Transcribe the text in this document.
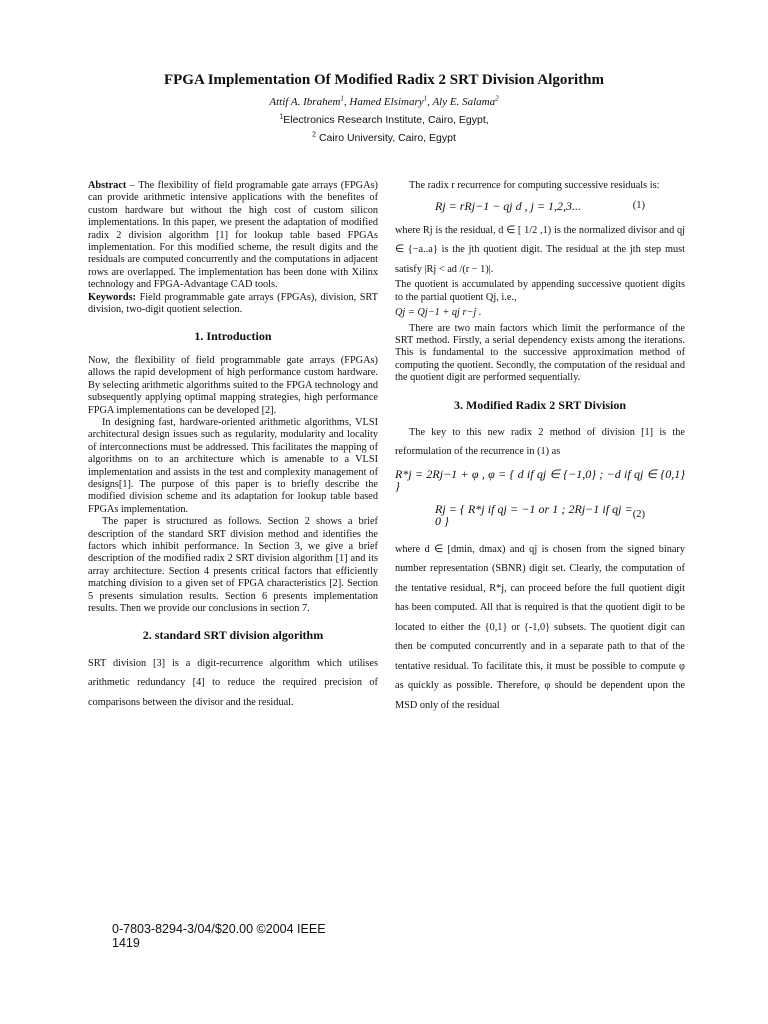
FPGA Implementation Of Modified Radix 2 SRT Division Algorithm
Attif A. Ibrahem$^1$, Hamed Elsimary$^1$, Aly E. Salama$^2$
$^1$Electronics Research Institute, Cairo, Egypt,
$^2$ Cairo University, Cairo, Egypt

Abstract – The flexibility of field programable gate arrays (FPGAs) can provide arithmetic intensive applications with the benefites of custom hardware but without the high cost of custom silicon implementations. In this paper, we present the adaptation of modified radix 2 division algorithm [1] for lookup table based FPGAs implementation. For this modified scheme, the result digits and the residuals are computed concurrently and the computations in adjacent rows are overlapped. The implementation has been done with Xilinx technology and FPGA-Advantage CAD tools.

Keywords: Field programmable gate arrays (FPGAs), division, SRT division, two-digit quotient selection.

1. Introduction

Now, the flexibility of field programmable gate arrays (FPGAs) allows the rapid development of high performance custom hardware. By selecting arithmetic algorithms suited to the FPGA technology and subsequently applying optimal mapping strategies, high performance FPGA implementations can be developed [2].

In designing fast, hardware-oriented arithmetic algorithms, VLSI architectural design issues such as regularity, modularity and locality of interconnections must be addressed. This facilitates the mapping of algorithms on to an architecture which is amenable to a VLSI implementation and assists in the test and complexity management of designs[1]. The purpose of this paper is to briefly describe the modified division scheme and its adaptation for lookup table based FPGAs implementation.

The paper is structured as follows. Section 2 shows a brief description of the standard SRT division method and identifies the factors which inhibit performance. In Section 3, we give a brief description of the modified radix 2 SRT division algorithm [1] and its array architecture. Section 4 presents critical factors that efficiently matching division to a given set of FPGA characteristics [2]. Section 5 presents simulation results. Section 6 presents implementation results. Then we provide our conclusions in section 7.

2. standard SRT division algorithm

SRT division [3] is a digit-recurrence algorithm which utilises arithmetic redundancy [4] to reduce the required precision of comparisons between the divisor and the residual.

The radix r recurrence for computing successive residuals is:

Rj = rRj−1 − qj d , j = 1,2,3...	(1)

where Rj is the residual, d ∈ [ 1/2 ,1) is the normalized divisor and qj ∈ {−a..a} is the jth quotient digit. The residual at the jth step must satisfy |Rj < ad /(r − 1)|.

The quotient is accumulated by appending successive quotient digits to the partial quotient Qj, i.e.,

Qj = Qj−1 + qj r−j .

There are two main factors which limit the performance of the SRT method. Firstly, a serial dependency exists among the iterations. This is fundamental to the successive approximation method of computing the quotient. Secondly, the computation of the residual and the quotient digit are performed sequentially.

3. Modified Radix 2 SRT Division

The key to this new radix 2 method of division [1] is the reformulation of the recurrence in (1) as

R*j = 2Rj−1 + φ , φ = { d if qj ∈ {−1,0} ; −d if qj ∈ {0,1} }
Rj = { R*j if qj = −1 or 1 ; 2Rj−1 if qj = 0 }	(2)

where d ∈ [dmin, dmax) and qj is chosen from the signed binary number representation (SBNR) digit set. Clearly, the computation of the tentative residual, R*j, can proceed before the full quotient digit has been computed. All that is required is that the quotient digit to be located to either the {0,1} or {-1,0} subsets. The quotient digit can then be computed concurrently and in a separate path to that of the tentative residual. To facilitate this, it must be possible to compute φ as quickly as possible. Therefore, φ should be dependent upon the MSD only of the residual

0-7803-8294-3/04/$20.00 ©2004 IEEE
1419
